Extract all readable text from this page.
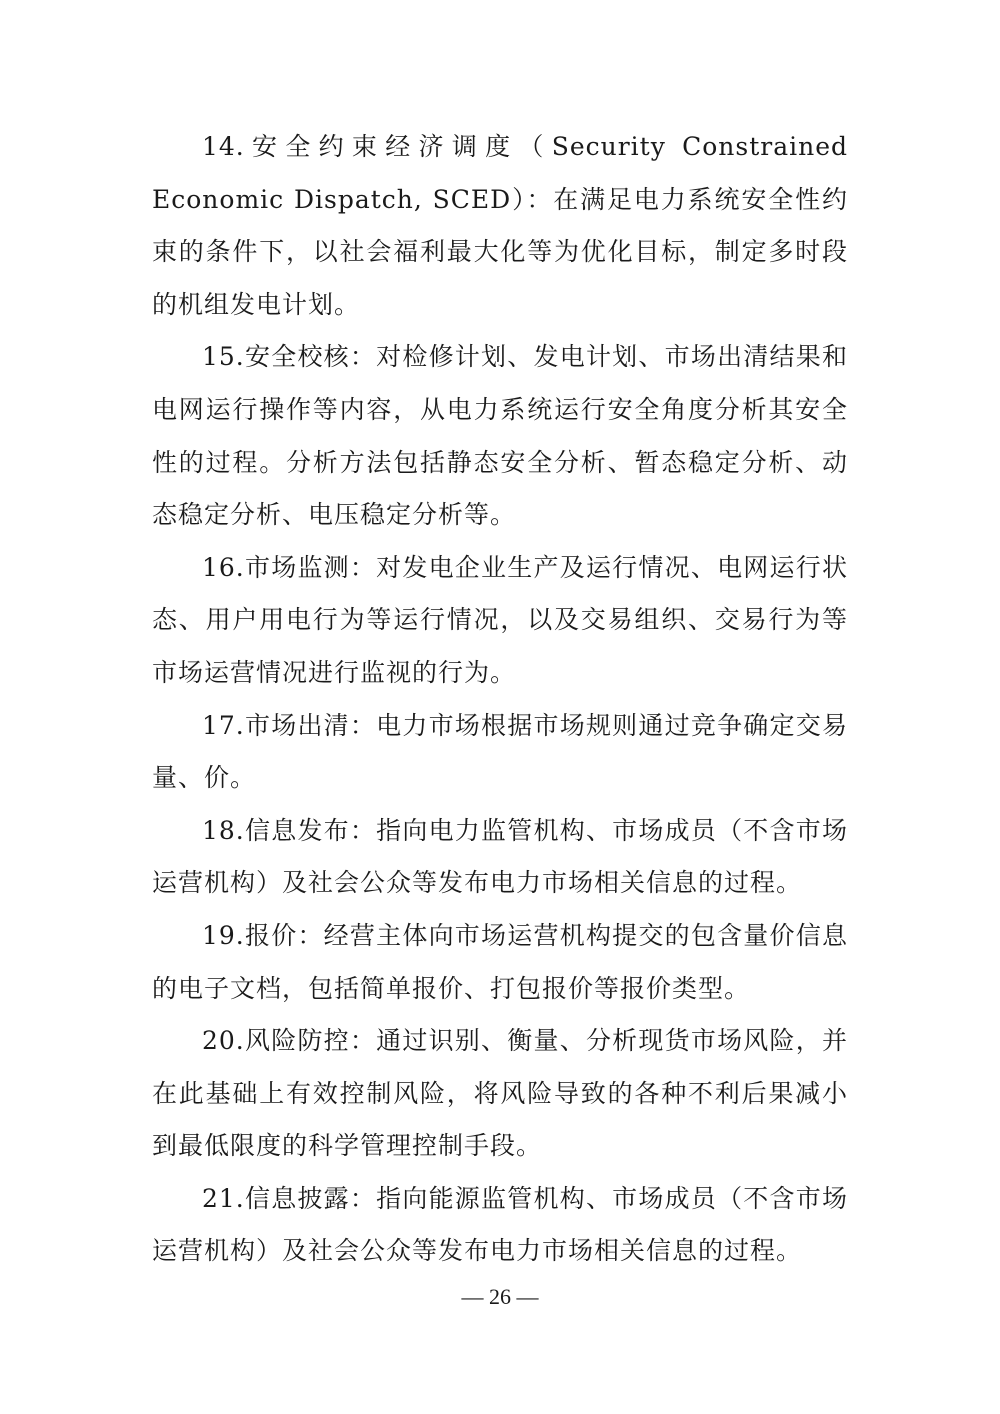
14.安全约束经济调度（Security Constrained Economic Dispatch, SCED）：在满足电力系统安全性约束的条件下，以社会福利最大化等为优化目标，制定多时段的机组发电计划。

15.安全校核：对检修计划、发电计划、市场出清结果和电网运行操作等内容，从电力系统运行安全角度分析其安全性的过程。分析方法包括静态安全分析、暂态稳定分析、动态稳定分析、电压稳定分析等。

16.市场监测：对发电企业生产及运行情况、电网运行状态、用户用电行为等运行情况，以及交易组织、交易行为等市场运营情况进行监视的行为。

17.市场出清：电力市场根据市场规则通过竞争确定交易量、价。

18.信息发布：指向电力监管机构、市场成员（不含市场运营机构）及社会公众等发布电力市场相关信息的过程。

19.报价：经营主体向市场运营机构提交的包含量价信息的电子文档，包括简单报价、打包报价等报价类型。

20.风险防控：通过识别、衡量、分析现货市场风险，并在此基础上有效控制风险，将风险导致的各种不利后果减小到最低限度的科学管理控制手段。

21.信息披露：指向能源监管机构、市场成员（不含市场运营机构）及社会公众等发布电力市场相关信息的过程。

— 26 —
